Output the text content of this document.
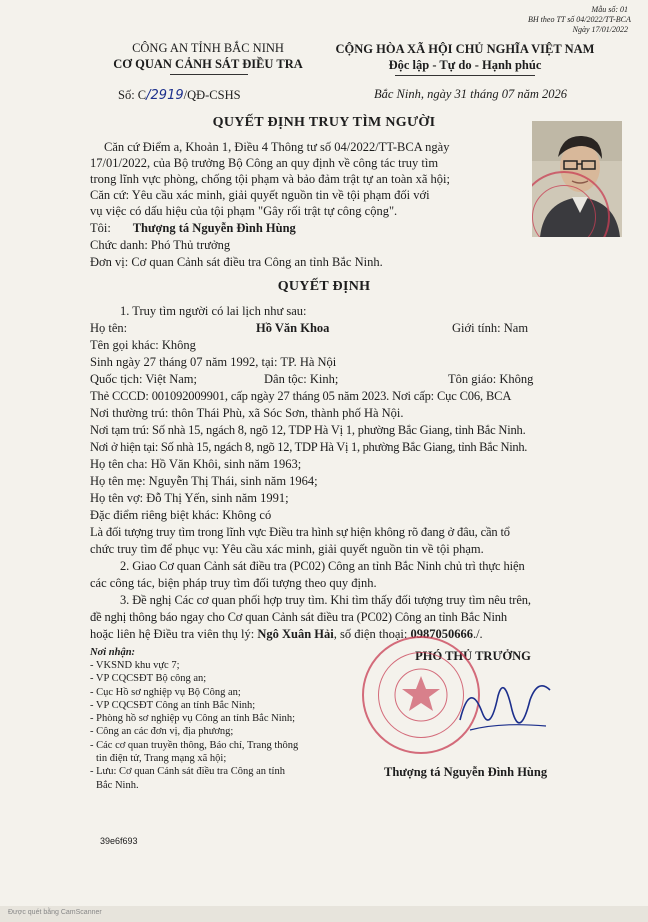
Mẫu số: 01
BH theo TT số 04/2022/TT-BCA
Ngày 17/01/2022
CÔNG AN TỈNH BẮC NINH
CƠ QUAN CẢNH SÁT ĐIỀU TRA
Số: C/2919/QĐ-CSHS
CỘNG HÒA XÃ HỘI CHỦ NGHĨA VIỆT NAM
Độc lập - Tự do - Hạnh phúc
Bắc Ninh, ngày 31 tháng 07 năm 2026
QUYẾT ĐỊNH TRUY TÌM NGƯỜI
Căn cứ Điểm a, Khoản 1, Điều 4 Thông tư số 04/2022/TT-BCA ngày
17/01/2022, của Bộ trưởng Bộ Công an quy định về công tác truy tìm
trong lĩnh vực phòng, chống tội phạm và bảo đảm trật tự an toàn xã hội;
Căn cứ: Yêu cầu xác minh, giải quyết nguồn tin về tội phạm đối với
vụ việc có dấu hiệu của tội phạm "Gây rối trật tự công cộng".
Tôi: Thượng tá Nguyễn Đình Hùng
Chức danh: Phó Thủ trưởng
Đơn vị: Cơ quan Cảnh sát điều tra Công an tỉnh Bắc Ninh.
QUYẾT ĐỊNH
1. Truy tìm người có lai lịch như sau:
Họ tên:	Hồ Văn Khoa	Giới tính: Nam
Tên gọi khác: Không
Sinh ngày 27 tháng 07 năm 1992, tại: TP. Hà Nội
Quốc tịch: Việt Nam;	Dân tộc: Kinh;	Tôn giáo: Không
Thẻ CCCD: 001092009901, cấp ngày 27 tháng 05 năm 2023. Nơi cấp: Cục C06, BCA
Nơi thường trú: thôn Thái Phù, xã Sóc Sơn, thành phố Hà Nội.
Nơi tạm trú: Số nhà 15, ngách 8, ngõ 12, TDP Hà Vị 1, phường Bắc Giang, tỉnh Bắc Ninh.
Nơi ở hiện tại: Số nhà 15, ngách 8, ngõ 12, TDP Hà Vị 1, phường Bắc Giang, tỉnh Bắc Ninh.
Họ tên cha: Hồ Văn Khôi, sinh năm 1963;
Họ tên mẹ: Nguyễn Thị Thái, sinh năm 1964;
Họ tên vợ: Đỗ Thị Yến, sinh năm 1991;
Đặc điểm riêng biệt khác: Không có
Là đối tượng truy tìm trong lĩnh vực Điều tra hình sự hiện không rõ đang ở đâu, cần tổ
chức truy tìm để phục vụ: Yêu cầu xác minh, giải quyết nguồn tin về tội phạm.
2. Giao Cơ quan Cảnh sát điều tra (PC02) Công an tỉnh Bắc Ninh chủ trì thực hiện
các công tác, biện pháp truy tìm đối tượng theo quy định.
3. Đề nghị Các cơ quan phối hợp truy tìm. Khi tìm thấy đối tượng truy tìm nêu trên,
đề nghị thông báo ngay cho Cơ quan Cảnh sát điều tra (PC02) Công an tỉnh Bắc Ninh
hoặc liên hệ Điều tra viên thụ lý: Ngô Xuân Hải, số điện thoại: 0987050666./.
Nơi nhận:
- VKSND khu vực 7;
- VP CQCSĐT Bộ công an;
- Cục Hồ sơ nghiệp vụ Bộ Công an;
- VP CQCSĐT Công an tỉnh Bắc Ninh;
- Phòng hồ sơ nghiệp vụ Công an tỉnh Bắc Ninh;
- Công an các đơn vị, địa phương;
- Các cơ quan truyền thông, Báo chí, Trang thông
tin điện tử, Trang mạng xã hội;
- Lưu: Cơ quan Cảnh sát điều tra Công an tỉnh
Bắc Ninh.
PHÓ THỦ TRƯỞNG
Thượng tá Nguyễn Đình Hùng
39e6f693
Được quét bằng CamScanner
